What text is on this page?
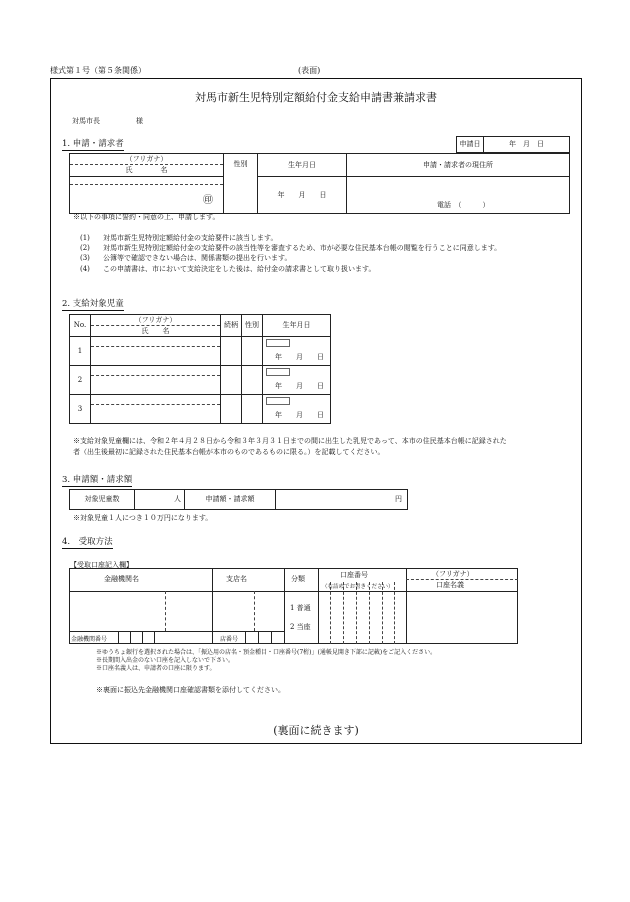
様式第１号（第５条関係）	(表面)
対馬市新生児特別定額給付金支給申請書兼請求書
対馬市長	様
1. 申請・請求者	申請日	年　月　日
（フリガナ）	性別	生年月日	申請・請求者の現住所
氏　　　　名			

㊞		年　　月　　日	電話　（　　　）
※以下の事項に誓約・同意の上、申請します。
(1) 対馬市新生児特別定額給付金の支給要件に該当します。
(2) 対馬市新生児特別定額給付金の支給要件の該当性等を審査するため、市が必要な住民基本台帳の閲覧を行うことに同意します。
(3) 公簿等で確認できない場合は、関係書類の提出を行います。
(4) この申請書は、市において支給決定をした後は、給付金の請求書として取り扱います。
2. 支給対象児童
No.	（フリガナ）	続柄	性別	生年月日
	氏　　名			
1				年　　月　　日

2				年　　月　　日

3				年　　月　　日
※支給対象児童欄には、令和２年４月２８日から令和３年３月３１日までの間に出生した乳児であって、本市の住民基本台帳に記録された
者（出生後最初に記録された住民基本台帳が本市のものであるものに限る。）を記載してください。
3. 申請額・請求額
対象児童数	人	申請額・請求額	円
※対象児童１人につき１０万円になります。
4.　受取方法
【受取口座記入欄】
金融機関名	支店名	分類	口座番号
（右詰めでお書きください）
（フリガナ）
口座名義
1 普通
2 当座
金融機関番号	店番号
※ゆうちょ銀行を選択された場合は、「振込用の店名・預金種目・口座番号(7桁)」(通帳見開き下部に記載)をご記入ください。
※長期間入出金のない口座を記入しないで下さい。
※口座名義人は、申請者の口座に限ります。
※裏面に振込先金融機関口座確認書類を添付してください。
(裏面に続きます)
